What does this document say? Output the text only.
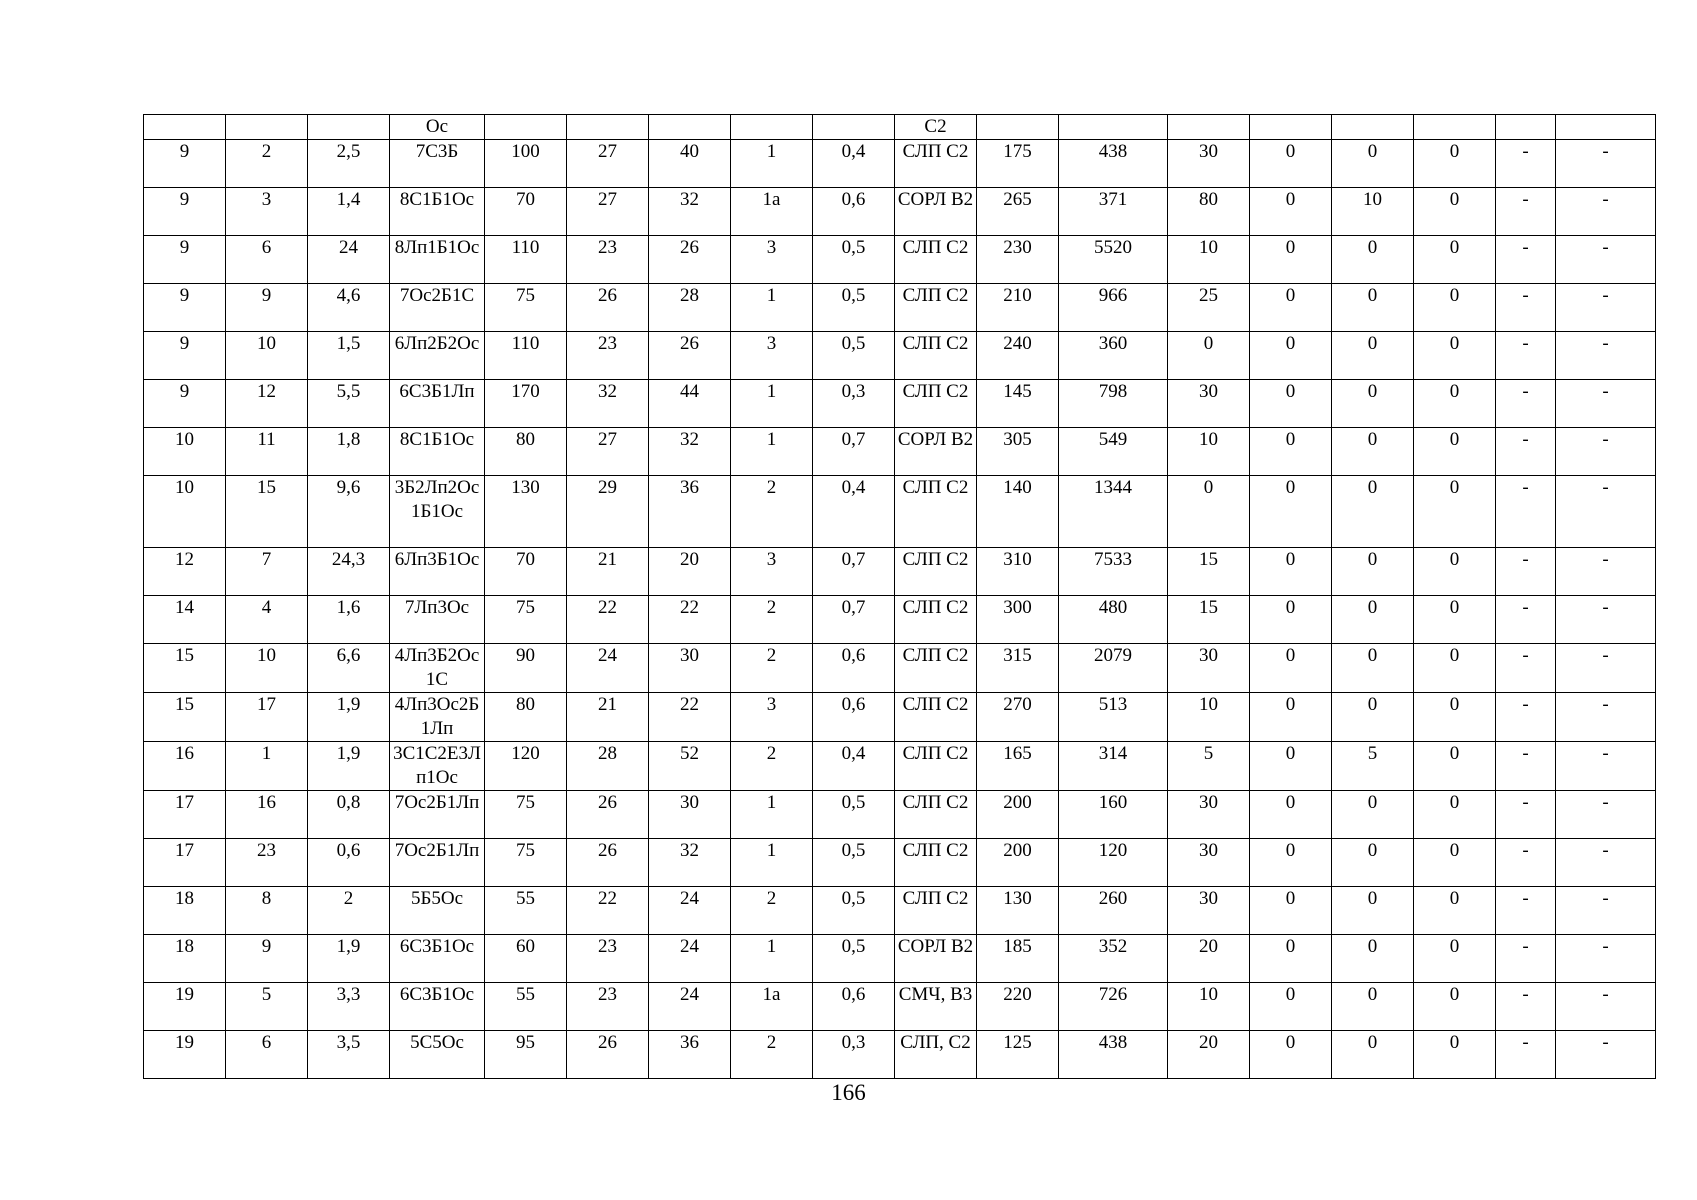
			Ос						С2								
9	2	2,5	7С3Б	100	27	40	1	0,4	СЛП С2	175	438	30	0	0	0	-	-
9	3	1,4	8С1Б1Ос	70	27	32	1а	0,6	СОРЛ В2	265	371	80	0	10	0	-	-
9	6	24	8Лп1Б1Ос	110	23	26	3	0,5	СЛП С2	230	5520	10	0	0	0	-	-
9	9	4,6	7Ос2Б1С	75	26	28	1	0,5	СЛП С2	210	966	25	0	0	0	-	-
9	10	1,5	6Лп2Б2Ос	110	23	26	3	0,5	СЛП С2	240	360	0	0	0	0	-	-
9	12	5,5	6С3Б1Лп	170	32	44	1	0,3	СЛП С2	145	798	30	0	0	0	-	-
10	11	1,8	8С1Б1Ос	80	27	32	1	0,7	СОРЛ В2	305	549	10	0	0	0	-	-
10	15	9,6	3Б2Лп2Ос1Б1Ос	130	29	36	2	0,4	СЛП С2	140	1344	0	0	0	0	-	-
12	7	24,3	6Лп3Б1Ос	70	21	20	3	0,7	СЛП С2	310	7533	15	0	0	0	-	-
14	4	1,6	7Лп3Ос	75	22	22	2	0,7	СЛП С2	300	480	15	0	0	0	-	-
15	10	6,6	4Лп3Б2Ос1С	90	24	30	2	0,6	СЛП С2	315	2079	30	0	0	0	-	-
15	17	1,9	4Лп3Ос2Б1Лп	80	21	22	3	0,6	СЛП С2	270	513	10	0	0	0	-	-
16	1	1,9	3С1С2Е3Лп1Ос	120	28	52	2	0,4	СЛП С2	165	314	5	0	5	0	-	-
17	16	0,8	7Ос2Б1Лп	75	26	30	1	0,5	СЛП С2	200	160	30	0	0	0	-	-
17	23	0,6	7Ос2Б1Лп	75	26	32	1	0,5	СЛП С2	200	120	30	0	0	0	-	-
18	8	2	5Б5Ос	55	22	24	2	0,5	СЛП С2	130	260	30	0	0	0	-	-
18	9	1,9	6С3Б1Ос	60	23	24	1	0,5	СОРЛ В2	185	352	20	0	0	0	-	-
19	5	3,3	6С3Б1Ос	55	23	24	1а	0,6	СМЧ, В3	220	726	10	0	0	0	-	-
19	6	3,5	5С5Ос	95	26	36	2	0,3	СЛП, С2	125	438	20	0	0	0	-	-
166
